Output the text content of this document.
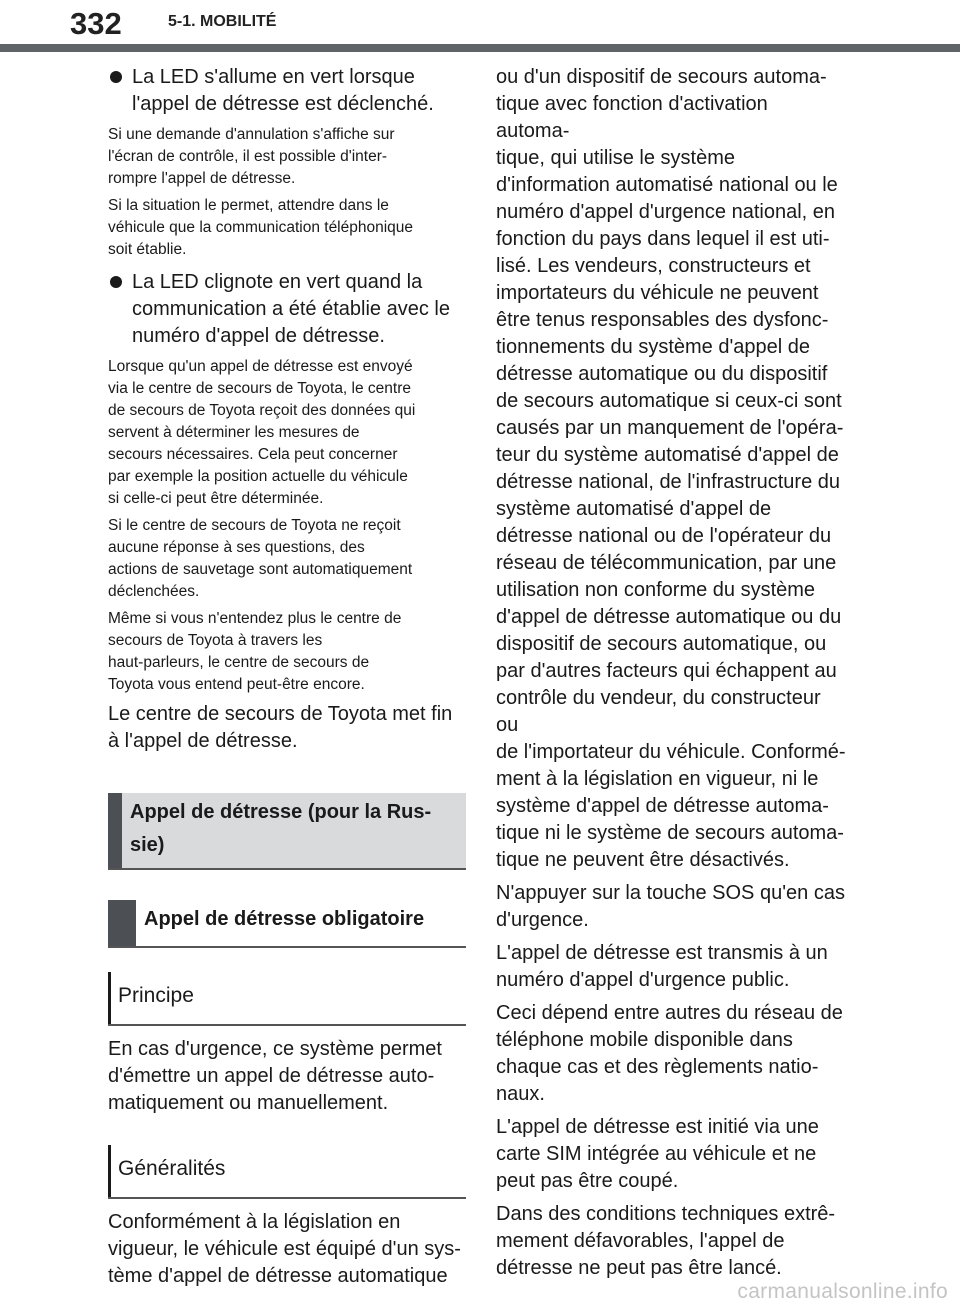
332	5-1. MOBILITÉ
La LED s'allume en vert lorsque
l'appel de détresse est déclenché.

Si une demande d'annulation s'affiche sur
l'écran de contrôle, il est possible d'inter-
rompre l'appel de détresse.

Si la situation le permet, attendre dans le
véhicule que la communication téléphonique
soit établie.

La LED clignote en vert quand la
communication a été établie avec le
numéro d'appel de détresse.

Lorsque qu'un appel de détresse est envoyé
via le centre de secours de Toyota, le centre
de secours de Toyota reçoit des données qui
servent à déterminer les mesures de
secours nécessaires. Cela peut concerner
par exemple la position actuelle du véhicule
si celle-ci peut être déterminée.

Si le centre de secours de Toyota ne reçoit
aucune réponse à ses questions, des
actions de sauvetage sont automatiquement
déclenchées.

Même si vous n'entendez plus le centre de
secours de Toyota à travers les
haut-parleurs, le centre de secours de
Toyota vous entend peut-être encore.

Le centre de secours de Toyota met fin
à l'appel de détresse.

Appel de détresse (pour la Rus-
sie)
Appel de détresse obligatoire
Principe

En cas d'urgence, ce système permet
d'émettre un appel de détresse auto-
matiquement ou manuellement.

Généralités

Conformément à la législation en
vigueur, le véhicule est équipé d'un sys-
tème d'appel de détresse automatique

ou d'un dispositif de secours automa-
tique avec fonction d'activation automa-
tique, qui utilise le système
d'information automatisé national ou le
numéro d'appel d'urgence national, en
fonction du pays dans lequel il est uti-
lisé. Les vendeurs, constructeurs et
importateurs du véhicule ne peuvent
être tenus responsables des dysfonc-
tionnements du système d'appel de
détresse automatique ou du dispositif
de secours automatique si ceux-ci sont
causés par un manquement de l'opéra-
teur du système automatisé d'appel de
détresse national, de l'infrastructure du
système automatisé d'appel de
détresse national ou de l'opérateur du
réseau de télécommunication, par une
utilisation non conforme du système
d'appel de détresse automatique ou du
dispositif de secours automatique, ou
par d'autres facteurs qui échappent au
contrôle du vendeur, du constructeur ou
de l'importateur du véhicule. Conformé-
ment à la législation en vigueur, ni le
système d'appel de détresse automa-
tique ni le système de secours automa-
tique ne peuvent être désactivés.

N'appuyer sur la touche SOS qu'en cas
d'urgence.

L'appel de détresse est transmis à un
numéro d'appel d'urgence public.

Ceci dépend entre autres du réseau de
téléphone mobile disponible dans
chaque cas et des règlements natio-
naux.

L'appel de détresse est initié via une
carte SIM intégrée au véhicule et ne
peut pas être coupé.

Dans des conditions techniques extrê-
mement défavorables, l'appel de
détresse ne peut pas être lancé.

carmanualsonline.info
